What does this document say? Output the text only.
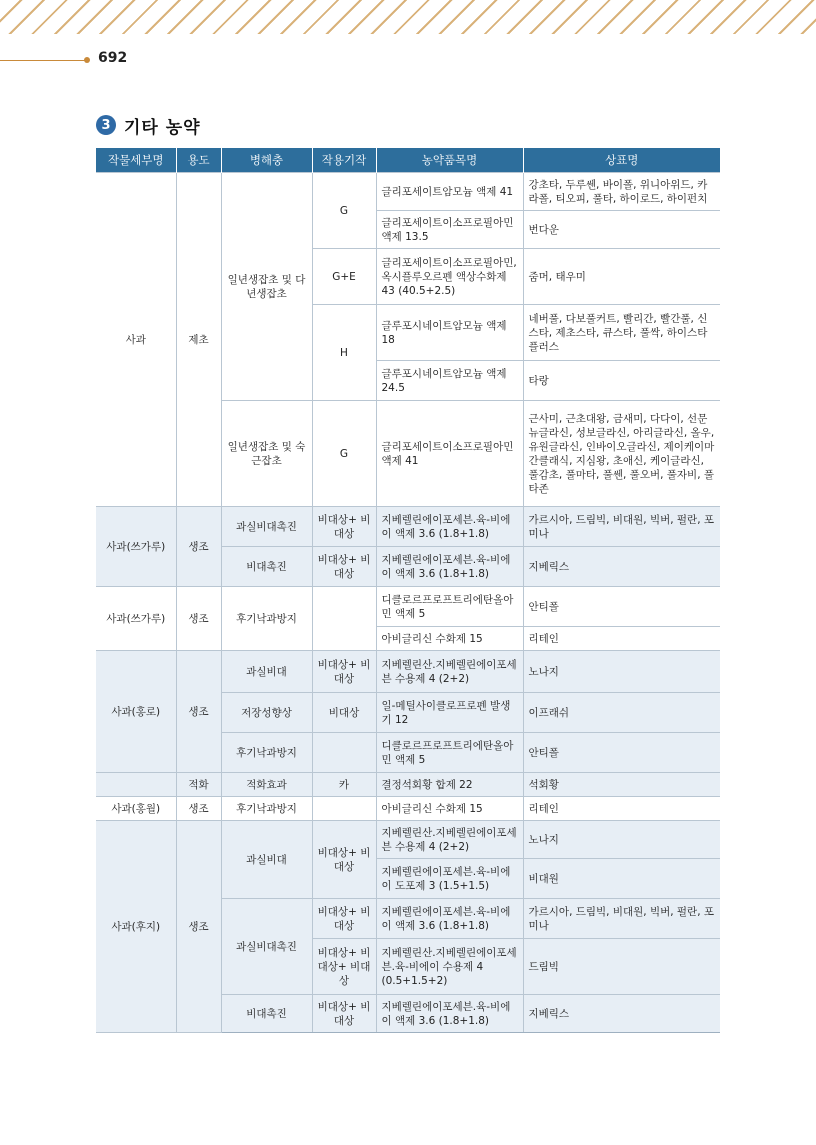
692
3 기타 농약
작물세부명	용도	병해충	작용기작	농약품목명	상표명
사과	제초	일년생잡초 및 다년생잡초	G	글리포세이트암모늄 액제 41	강초타, 두루쎈, 바이폴, 위니아위드, 카라폴, 티오피, 풀타, 하이로드, 하이펀치
				글리포세이트이소프로필아민 액제 13.5	번다운
			G+E	글리포세이트이소프로필아민, 옥시플루오르펜 액상수화제 43 (40.5+2.5)	줌머, 태우미
			H	글루포시네이트암모늄 액제 18	네버풀, 다보풀커트, 빨리간, 빨간풀, 신스타, 제초스타, 큐스타, 풀싹, 하이스타플러스
				글루포시네이트암모늄 액제 24.5	타랑
		일년생잡초 및 숙근잡초	G	글리포세이트이소프로필아민 액제 41	근사미, 근초대왕, 금새미, 다다이, 선문뉴글라신, 성보글라신, 아리글라신, 올우, 유원글라신, 인바이오글라신, 제이케이마간클래식, 지심왕, 초애신, 케이글라신, 풀감초, 풀마타, 풀쎈, 풀오버, 풀자비, 풀타존
사과(쓰가루)	생조	과실비대촉진	비대상+ 비대상	지베렐린에이포세븐.육-비에이 액제 3.6 (1.8+1.8)	가르시아, 드림빅, 비대원, 빅버, 펄란, 포미나
		비대촉진	비대상+ 비대상	지베렐린에이포세븐.육-비에이 액제 3.6 (1.8+1.8)	지베릭스
사과(쓰가루)	생조	후기낙과방지		디클로르프로프트리에탄올아민 액제 5	안티폴
				아비글리신 수화제 15	리테인
사과(홍로)	생조	과실비대	비대상+ 비대상	지베렐린산.지베렐린에이포세븐 수용제 4 (2+2)	노나지
		저장성향상	비대상	일-메틸사이클로프로펜 발생기 12	이프래쉬
		후기낙과방지		디클로르프로프트리에탄올아민 액제 5	안티폴
	적화	적화효과	카	결정석회황 합제 22	석회황
사과(홍월)	생조	후기낙과방지		아비글리신 수화제 15	리테인
사과(후지)	생조	과실비대	비대상+ 비대상	지베렐린산.지베렐린에이포세븐 수용제 4 (2+2)	노나지
				지베렐린에이포세븐.육-비에이 도포제 3 (1.5+1.5)	비대원
		과실비대촉진	비대상+ 비대상	지베렐린에이포세븐.육-비에이 액제 3.6 (1.8+1.8)	가르시아, 드림빅, 비대원, 빅버, 펄란, 포미나
			비대상+ 비대상+ 비대상	지베렐린산.지베렐린에이포세븐.육-비에이 수용제 4 (0.5+1.5+2)	드림빅
		비대촉진	비대상+ 비대상	지베렐린에이포세븐.육-비에이 액제 3.6 (1.8+1.8)	지베릭스
